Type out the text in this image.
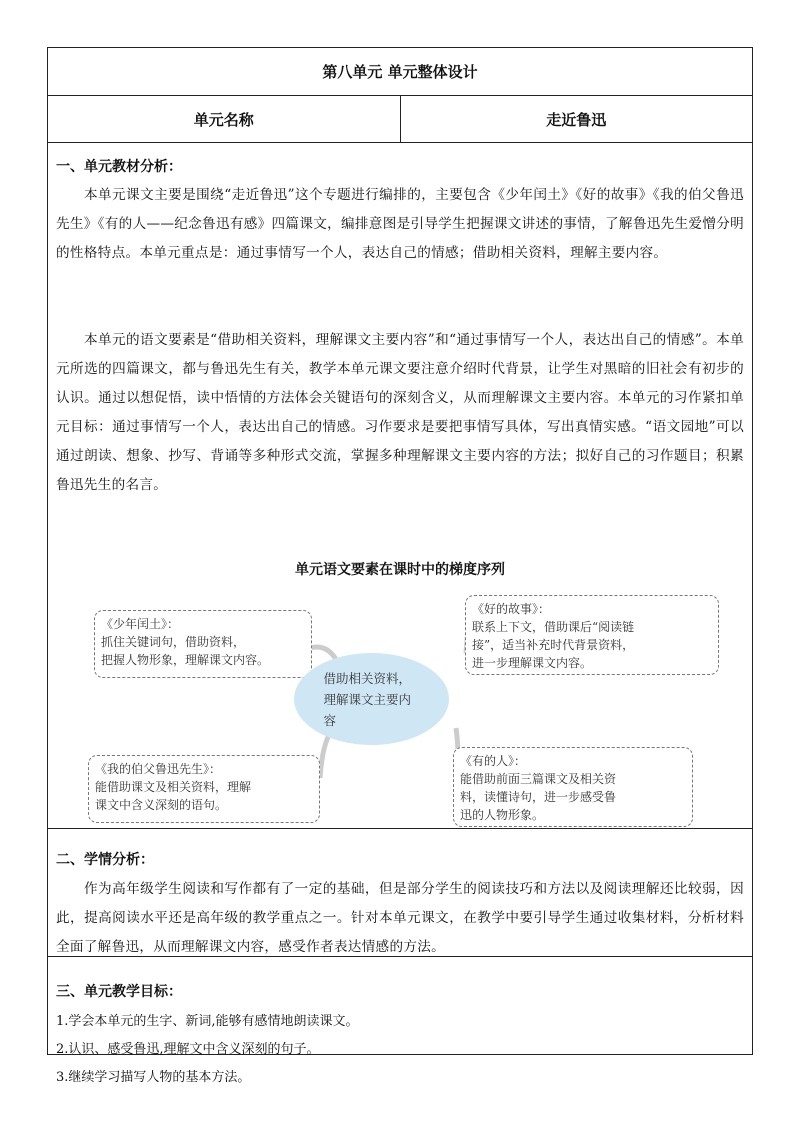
第八单元 单元整体设计
单元名称	走近鲁迅
一、单元教材分析：
本单元课文主要是围绕“走近鲁迅”这个专题进行编排的，主要包含《少年闰土》《好的故事》《我的伯父鲁迅先生》《有的人——纪念鲁迅有感》四篇课文，编排意图是引导学生把握课文讲述的事情，了解鲁迅先生爱憎分明的性格特点。本单元重点是：通过事情写一个人，表达自己的情感；借助相关资料，理解主要内容。
本单元的语文要素是“借助相关资料，理解课文主要内容”和“通过事情写一个人，表达出自己的情感”。本单元所选的四篇课文，都与鲁迅先生有关，教学本单元课文要注意介绍时代背景，让学生对黑暗的旧社会有初步的认识。通过以想促悟，读中悟情的方法体会关键语句的深刻含义，从而理解课文主要内容。本单元的习作紧扣单元目标：通过事情写一个人，表达出自己的情感。习作要求是要把事情写具体，写出真情实感。“语文园地”可以通过朗读、想象、抄写、背诵等多种形式交流，掌握多种理解课文主要内容的方法；拟好自己的习作题目；积累鲁迅先生的名言。
单元语文要素在课时中的梯度序列
《少年闰土》：
抓住关键词句，借助资料，
把握人物形象，理解课文内容。
借助相关资料，理解课文主要内容
《好的故事》：
联系上下文，借助课后“阅读链
接”，适当补充时代背景资料，
进一步理解课文内容。
《我的伯父鲁迅先生》：
能借助课文及相关资料，理解
课文中含义深刻的语句。
《有的人》：
能借助前面三篇课文及相关资
料，读懂诗句，进一步感受鲁
迅的人物形象。
二、学情分析：
作为高年级学生阅读和写作都有了一定的基础，但是部分学生的阅读技巧和方法以及阅读理解还比较弱，因此，提高阅读水平还是高年级的教学重点之一。针对本单元课文，在教学中要引导学生通过收集材料，分析材料全面了解鲁迅，从而理解课文内容，感受作者表达情感的方法。
三、单元教学目标：
1.学会本单元的生字、新词,能够有感情地朗读课文。
2.认识、感受鲁迅,理解文中含义深刻的句子。
3.继续学习描写人物的基本方法。
